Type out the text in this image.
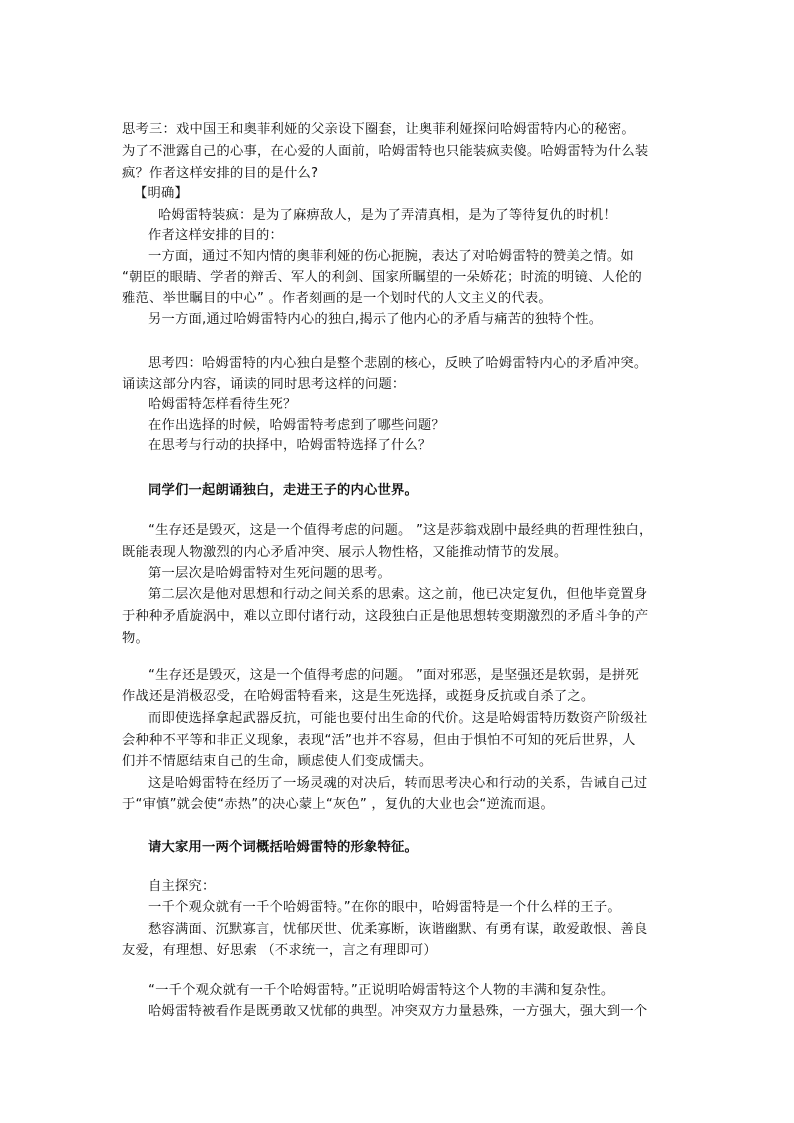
思考三：戏中国王和奥菲利娅的父亲设下圈套，让奥菲利娅探问哈姆雷特内心的秘密。
为了不泄露自己的心事，在心爱的人面前，哈姆雷特也只能装疯卖傻。哈姆雷特为什么装
疯？作者这样安排的目的是什么?
【明确】
哈姆雷特装疯：是为了麻痹敌人，是为了弄清真相，是为了等待复仇的时机！
作者这样安排的目的：
一方面，通过不知内情的奥菲利娅的伤心扼腕，表达了对哈姆雷特的赞美之情。如
“朝臣的眼睛、学者的辩舌、军人的利剑、国家所瞩望的一朵娇花；时流的明镜、人伦的
雅范、举世瞩目的中心” 。作者刻画的是一个划时代的人文主义的代表。
另一方面,通过哈姆雷特内心的独白,揭示了他内心的矛盾与痛苦的独特个性。
思考四：哈姆雷特的内心独白是整个悲剧的核心，反映了哈姆雷特内心的矛盾冲突。
诵读这部分内容，诵读的同时思考这样的问题：
哈姆雷特怎样看待生死？
在作出选择的时候，哈姆雷特考虑到了哪些问题？
在思考与行动的抉择中，哈姆雷特选择了什么？
同学们一起朗诵独白，走进王子的内心世界。
“生存还是毁灭，这是一个值得考虑的问题。 ”这是莎翁戏剧中最经典的哲理性独白，
既能表现人物激烈的内心矛盾冲突、展示人物性格，又能推动情节的发展。
第一层次是哈姆雷特对生死问题的思考。
第二层次是他对思想和行动之间关系的思索。这之前，他已决定复仇，但他毕竟置身
于种种矛盾旋涡中，难以立即付诸行动，这段独白正是他思想转变期激烈的矛盾斗争的产
物。
“生存还是毁灭，这是一个值得考虑的问题。 ”面对邪恶，是坚强还是软弱，是拼死
作战还是消极忍受，在哈姆雷特看来，这是生死选择，或挺身反抗或自杀了之。
而即使选择拿起武器反抗，可能也要付出生命的代价。这是哈姆雷特历数资产阶级社
会种种不平等和非正义现象，表现“活”也并不容易，但由于惧怕不可知的死后世界，人
们并不情愿结束自己的生命，顾虑使人们变成懦夫。
这是哈姆雷特在经历了一场灵魂的对决后，转而思考决心和行动的关系，告诫自己过
于“审慎”就会使“赤热”的决心蒙上“灰色” ，复仇的大业也会“逆流而退。
请大家用一两个词概括哈姆雷特的形象特征。
自主探究：
一千个观众就有一千个哈姆雷特。”在你的眼中，哈姆雷特是一个什么样的王子。
愁容满面、沉默寡言，忧郁厌世、优柔寡断，诙谐幽默、有勇有谋，敢爱敢恨、善良
友爱，有理想、好思索 （不求统一，言之有理即可）
“一千个观众就有一千个哈姆雷特。”正说明哈姆雷特这个人物的丰满和复杂性。
哈姆雷特被看作是既勇敢又忧郁的典型。冲突双方力量悬殊，一方强大，强大到一个
